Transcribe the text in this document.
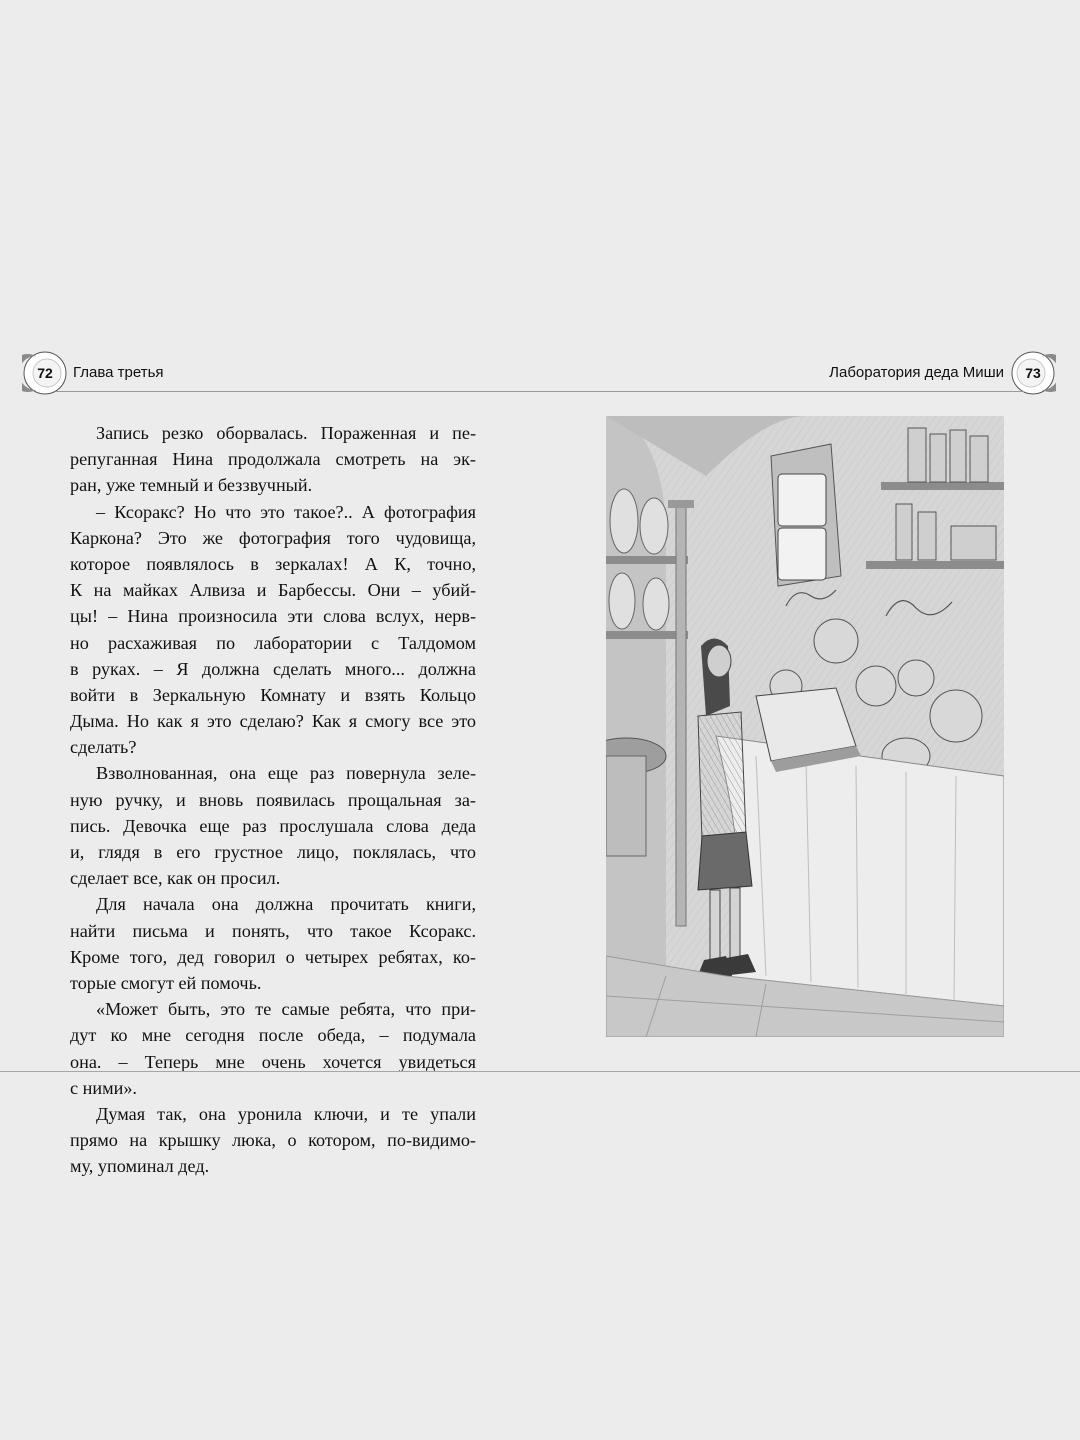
72	Глава третья	Лаборатория деда Миши	73
Запись резко оборвалась. Пораженная и пе-
репуганная Нина продолжала смотреть на эк-
ран, уже темный и беззвучный.
– Ксоракс? Но что это такое?.. А фотография
Каркона? Это же фотография того чудовища,
которое появлялось в зеркалах! А К, точно,
К на майках Алвиза и Барбессы. Они – убий-
цы! – Нина произносила эти слова вслух, нерв-
но расхаживая по лаборатории с Талдомом
в руках. – Я должна сделать много... должна
войти в Зеркальную Комнату и взять Кольцо
Дыма. Но как я это сделаю? Как я смогу все это
сделать?
Взволнованная, она еще раз повернула зеле-
ную ручку, и вновь появилась прощальная за-
пись. Девочка еще раз прослушала слова деда
и, глядя в его грустное лицо, поклялась, что
сделает все, как он просил.
Для начала она должна прочитать книги,
найти письма и понять, что такое Ксоракс.
Кроме того, дед говорил о четырех ребятах, ко-
торые смогут ей помочь.
«Может быть, это те самые ребята, что при-
дут ко мне сегодня после обеда, – подумала
она. – Теперь мне очень хочется увидеться
с ними».
Думая так, она уронила ключи, и те упали
прямо на крышку люка, о котором, по-видимо-
му, упоминал дед.
